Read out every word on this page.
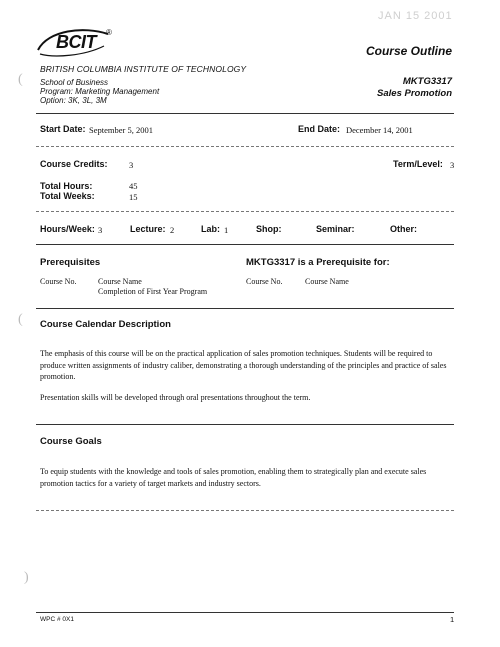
JAN 15 2001
BCIT ®
BRITISH COLUMBIA INSTITUTE OF TECHNOLOGY
School of Business
Program: Marketing Management
Option: 3K, 3L, 3M
Course Outline
MKTG3317
Sales Promotion
Start Date: September 5, 2001	End Date: December 14, 2001
Course Credits:	3	Term/Level: 3
Total Hours:	45
Total Weeks:	15
Hours/Week: 3	Lecture: 2	Lab: 1	Shop:	Seminar:	Other:
Prerequisites
Course No.	Course Name
Completion of First Year Program
MKTG3317 is a Prerequisite for:
Course No.	Course Name
Course Calendar Description
The emphasis of this course will be on the practical application of sales promotion techniques. Students will be required to produce written assignments of industry caliber, demonstrating a thorough understanding of the principles and practice of sales promotion.
Presentation skills will be developed through oral presentations throughout the term.
Course Goals
To equip students with the knowledge and tools of sales promotion, enabling them to strategically plan and execute sales promotion tactics for a variety of target markets and industry sectors.
WPC # 0X1	1
(
(
)
